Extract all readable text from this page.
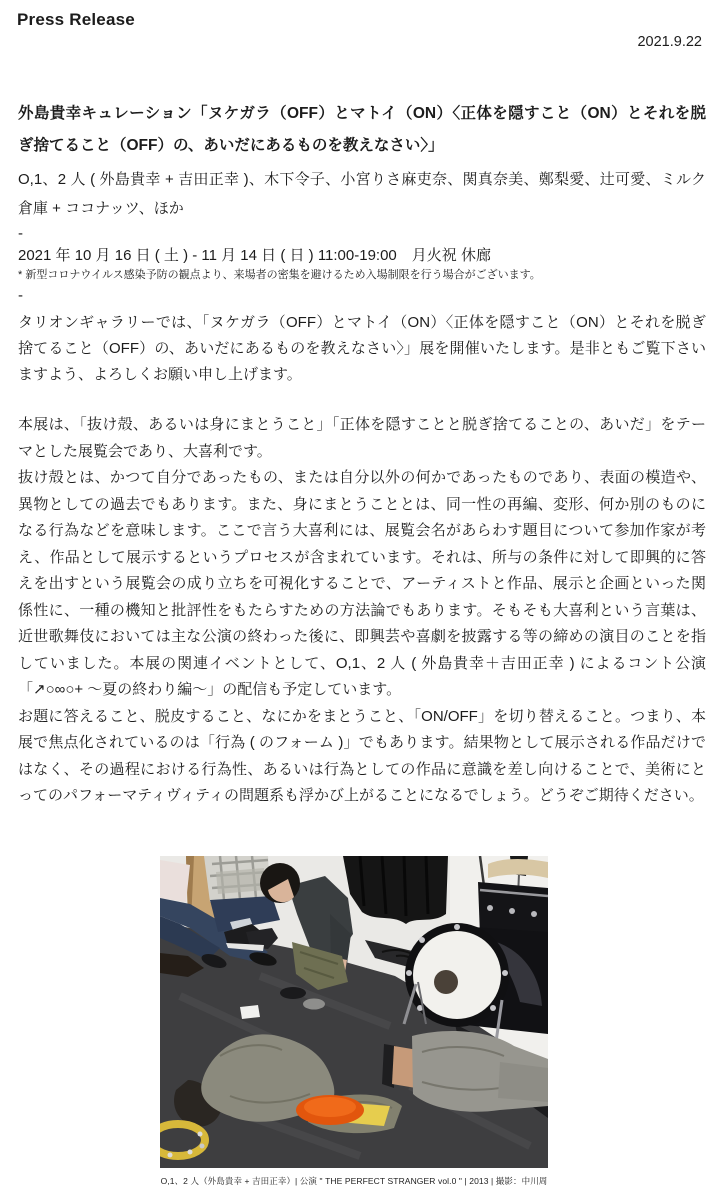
Press Release
2021.9.22
外島貴幸キュレーション「ヌケガラ（OFF）とマトイ（ON）〈正体を隠すこと（ON）とそれを脱ぎ捨てること（OFF）の、あいだにあるものを教えなさい〉」

O,1、2 人 ( 外島貴幸 + 吉田正幸 )、木下令子、小宮りさ麻吏奈、関真奈美、鄭梨愛、辻可愛、ミルク倉庫 + ココナッツ、ほか

-

2021 年 10 月 16 日 ( 土 ) - 11 月 14 日 ( 日 ) 11:00-19:00　月火祝 休廊

* 新型コロナウイルス感染予防の観点より、来場者の密集を避けるため入場制限を行う場合がございます。

-

タリオンギャラリーでは、「ヌケガラ（OFF）とマトイ（ON）〈正体を隠すこと（ON）とそれを脱ぎ捨てること（OFF）の、あいだにあるものを教えなさい〉」展を開催いたします。是非ともご覧下さいますよう、よろしくお願い申し上げます。

本展は、「抜け殻、あるいは身にまとうこと」「正体を隠すことと脱ぎ捨てることの、あいだ」をテーマとした展覧会であり、大喜利です。

抜け殻とは、かつて自分であったもの、または自分以外の何かであったものであり、表面の模造や、異物としての過去でもあります。また、身にまとうこととは、同一性の再編、変形、何か別のものになる行為などを意味します。ここで言う大喜利には、展覧会名があらわす題目について参加作家が考え、作品として展示するというプロセスが含まれています。それは、所与の条件に対して即興的に答えを出すという展覧会の成り立ちを可視化することで、アーティストと作品、展示と企画といった関係性に、一種の機知と批評性をもたらすための方法論でもあります。そもそも大喜利という言葉は、近世歌舞伎においては主な公演の終わった後に、即興芸や喜劇を披露する等の締めの演目のことを指していました。本展の関連イベントとして、O,1、2 人 ( 外島貴幸＋吉田正幸 ) によるコント公演「↗○∞○+ 〜夏の終わり編〜」の配信も予定しています。

お題に答えること、脱皮すること、なにかをまとうこと、「ON/OFF」を切り替えること。つまり、本展で焦点化されているのは「行為 ( のフォーム )」でもあります。結果物として展示される作品だけではなく、その過程における行為性、あるいは行為としての作品に意識を差し向けることで、美術にとってのパフォーマティヴィティの問題系も浮かび上がることになるでしょう。どうぞご期待ください。

O,1、2 人（外島貴幸 + 吉田正幸）| 公演 " THE PERFECT STRANGER vol.0 " | 2013 | 撮影：中川周
